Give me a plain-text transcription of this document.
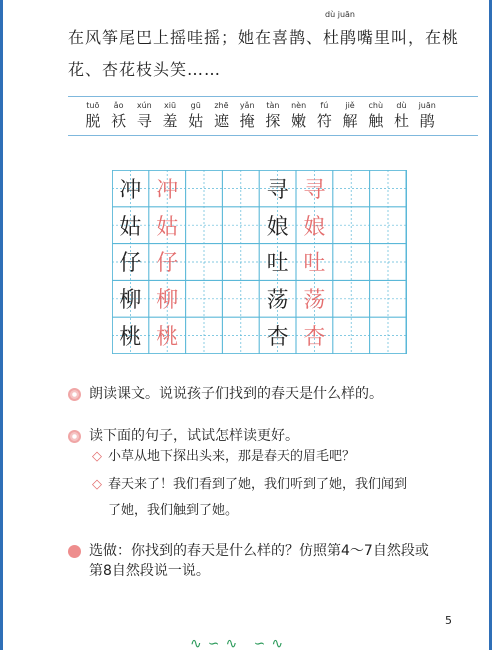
在风筝尾巴上摇哇摇；她在喜鹊、
dù juān
杜鹃嘴里叫，在桃花、杏花枝头笑……
tuō
脱
ǎo
袄
xún
寻
xiū
羞
gū
姑
zhē
遮
yǎn
掩
tàn
探
nèn
嫩
fú
符
jiě
解
chù
触
dù
杜
juān
鹃
冲 冲
姑 姑
仔 仔
柳 柳
桃 桃
寻 寻
娘 娘
吐 吐
荡 荡
杏 杏
朗读课文。说说孩子们找到的春天是什么样的。
读下面的句子，试试怎样读更好。
◇ 小草从地下探出头来，那是春天的眉毛吧？
◇ 春天来了！我们看到了她，我们听到了她，我们闻到
了她，我们触到了她。
选做：你找到的春天是什么样的？仿照第4～7自然段或
第8自然段说一说。
5
∿∽∿ ∽∿
